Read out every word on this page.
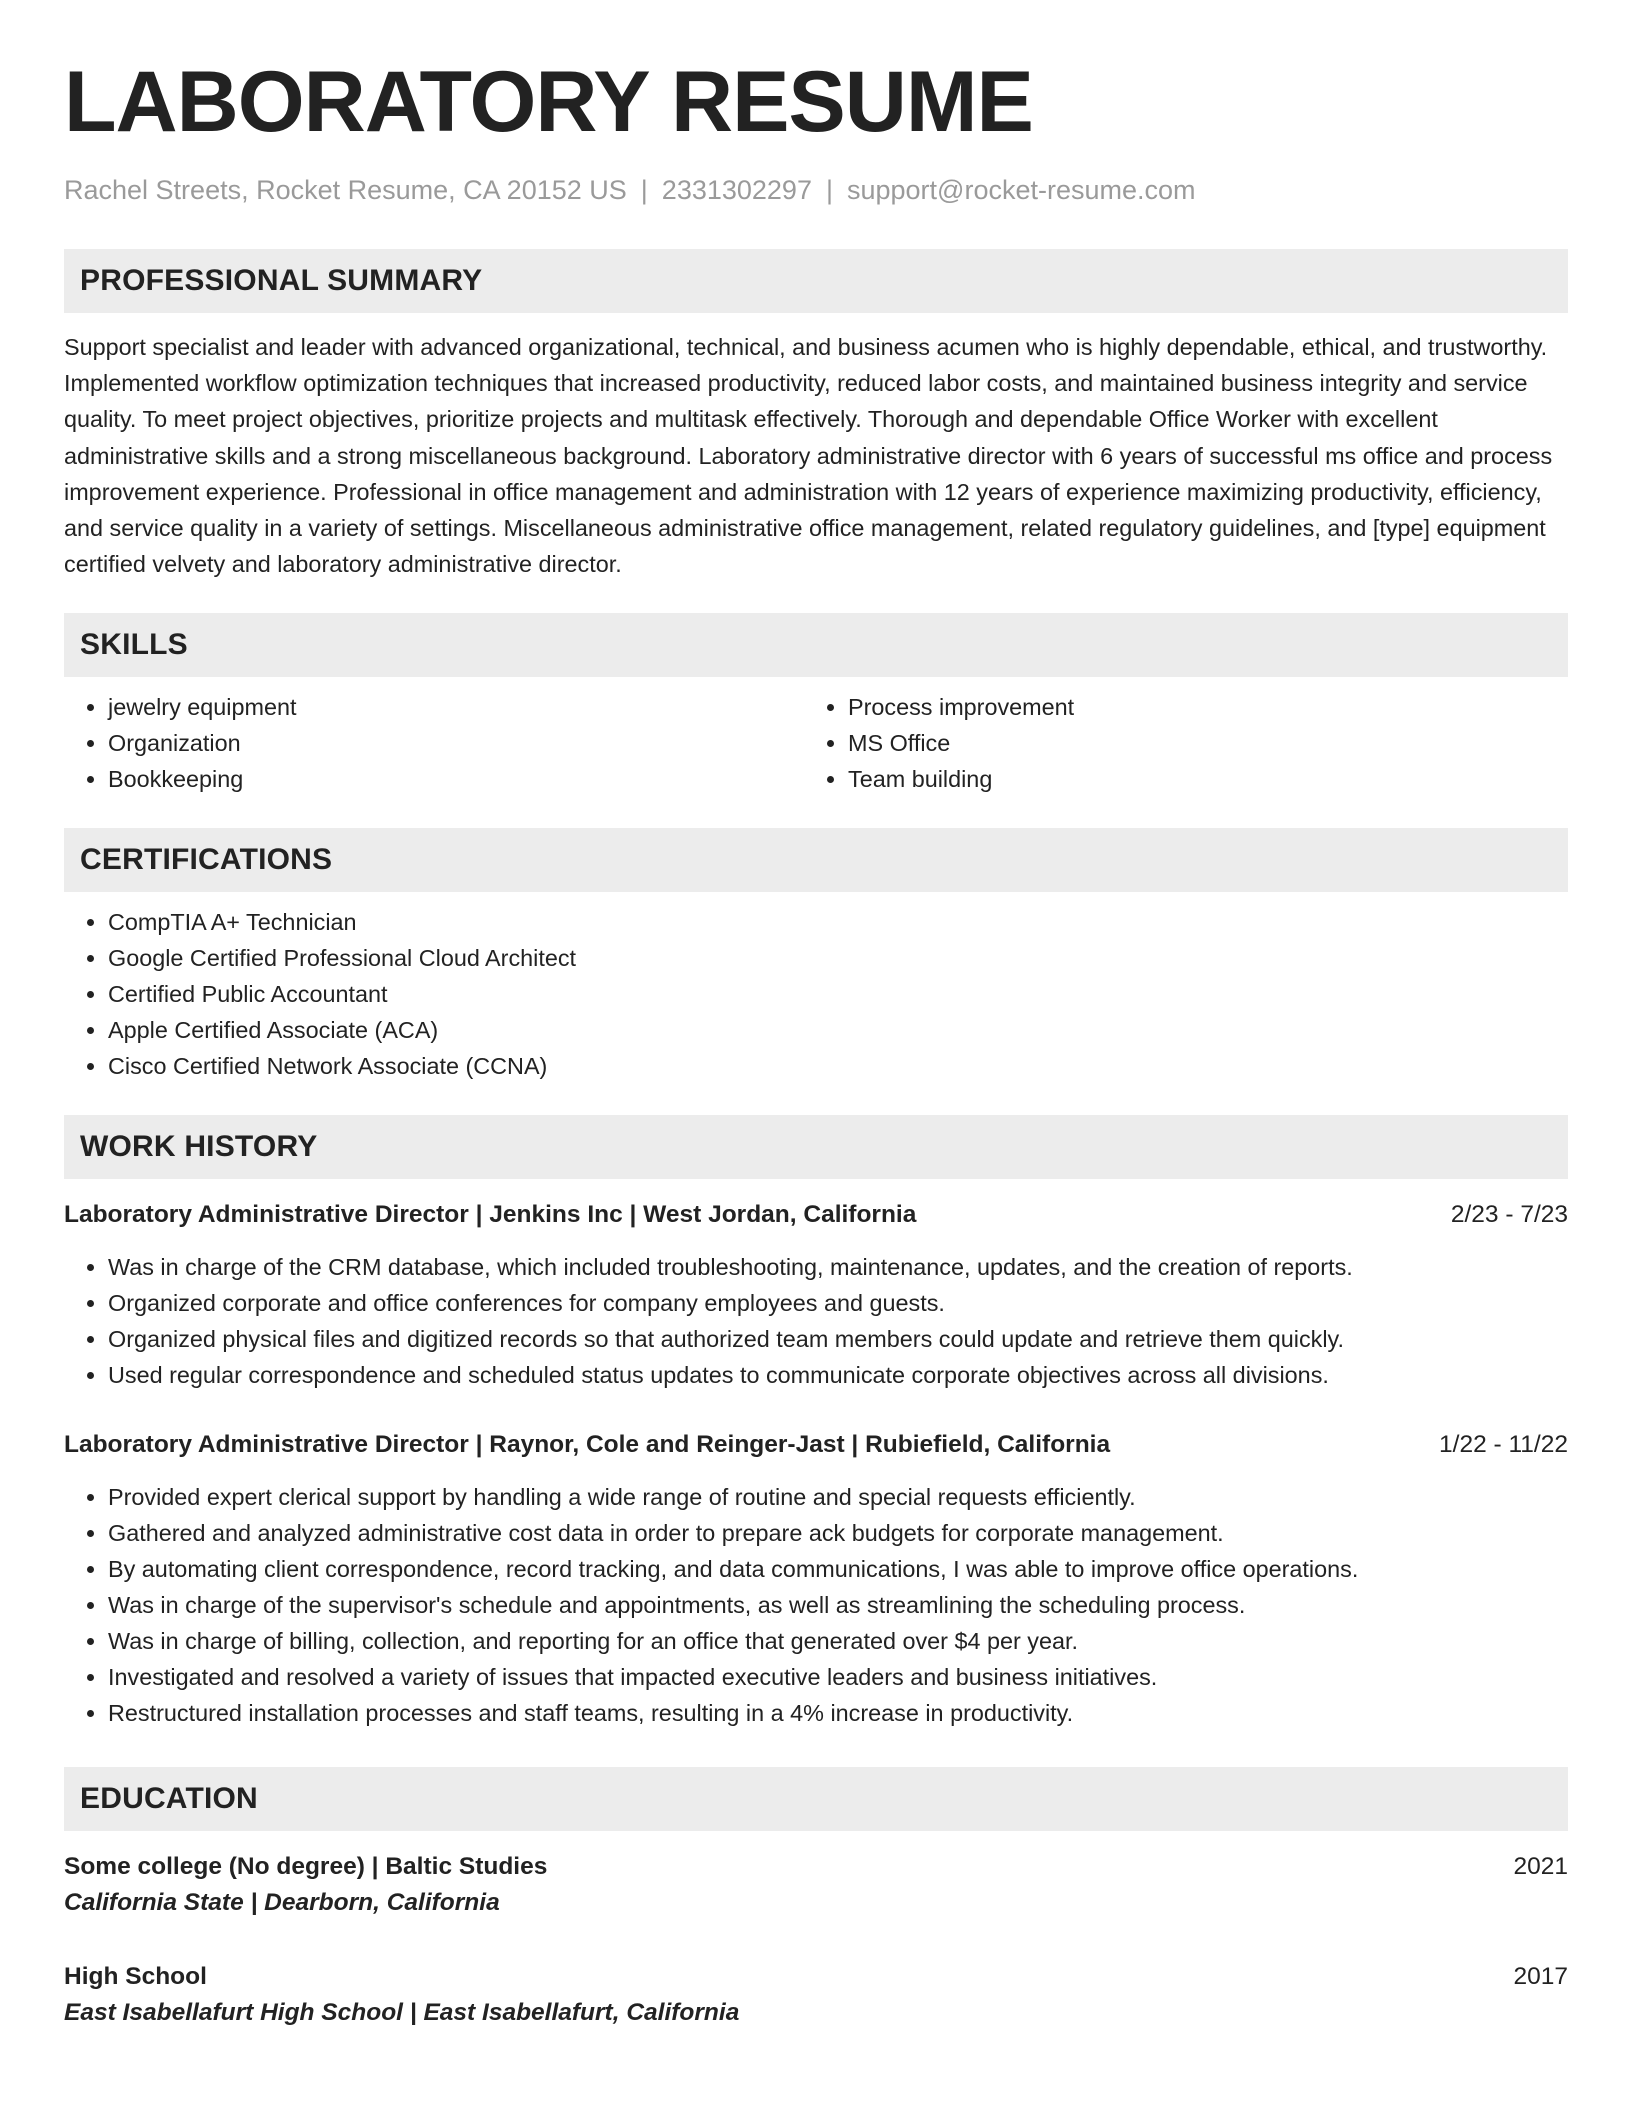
LABORATORY RESUME
Rachel Streets, Rocket Resume, CA 20152 US | 2331302297 | support@rocket-resume.com
PROFESSIONAL SUMMARY

Support specialist and leader with advanced organizational, technical, and business acumen who is highly dependable, ethical, and trustworthy. Implemented workflow optimization techniques that increased productivity, reduced labor costs, and maintained business integrity and service quality. To meet project objectives, prioritize projects and multitask effectively. Thorough and dependable Office Worker with excellent administrative skills and a strong miscellaneous background. Laboratory administrative director with 6 years of successful ms office and process improvement experience. Professional in office management and administration with 12 years of experience maximizing productivity, efficiency, and service quality in a variety of settings. Miscellaneous administrative office management, related regulatory guidelines, and [type] equipment certified velvety and laboratory administrative director.

SKILLS
• jewelry equipment
• Organization
• Bookkeeping
• Process improvement
• MS Office
• Team building
CERTIFICATIONS
• CompTIA A+ Technician
• Google Certified Professional Cloud Architect
• Certified Public Accountant
• Apple Certified Associate (ACA)
• Cisco Certified Network Associate (CCNA)
WORK HISTORY
Laboratory Administrative Director | Jenkins Inc | West Jordan, California	2/23 - 7/23
• Was in charge of the CRM database, which included troubleshooting, maintenance, updates, and the creation of reports.
• Organized corporate and office conferences for company employees and guests.
• Organized physical files and digitized records so that authorized team members could update and retrieve them quickly.
• Used regular correspondence and scheduled status updates to communicate corporate objectives across all divisions.
Laboratory Administrative Director | Raynor, Cole and Reinger-Jast | Rubiefield, California	1/22 - 11/22
• Provided expert clerical support by handling a wide range of routine and special requests efficiently.
• Gathered and analyzed administrative cost data in order to prepare ack budgets for corporate management.
• By automating client correspondence, record tracking, and data communications, I was able to improve office operations.
• Was in charge of the supervisor's schedule and appointments, as well as streamlining the scheduling process.
• Was in charge of billing, collection, and reporting for an office that generated over $4 per year.
• Investigated and resolved a variety of issues that impacted executive leaders and business initiatives.
• Restructured installation processes and staff teams, resulting in a 4% increase in productivity.
EDUCATION
Some college (No degree) | Baltic Studies	2021
California State | Dearborn, California
High School	2017
East Isabellafurt High School | East Isabellafurt, California
